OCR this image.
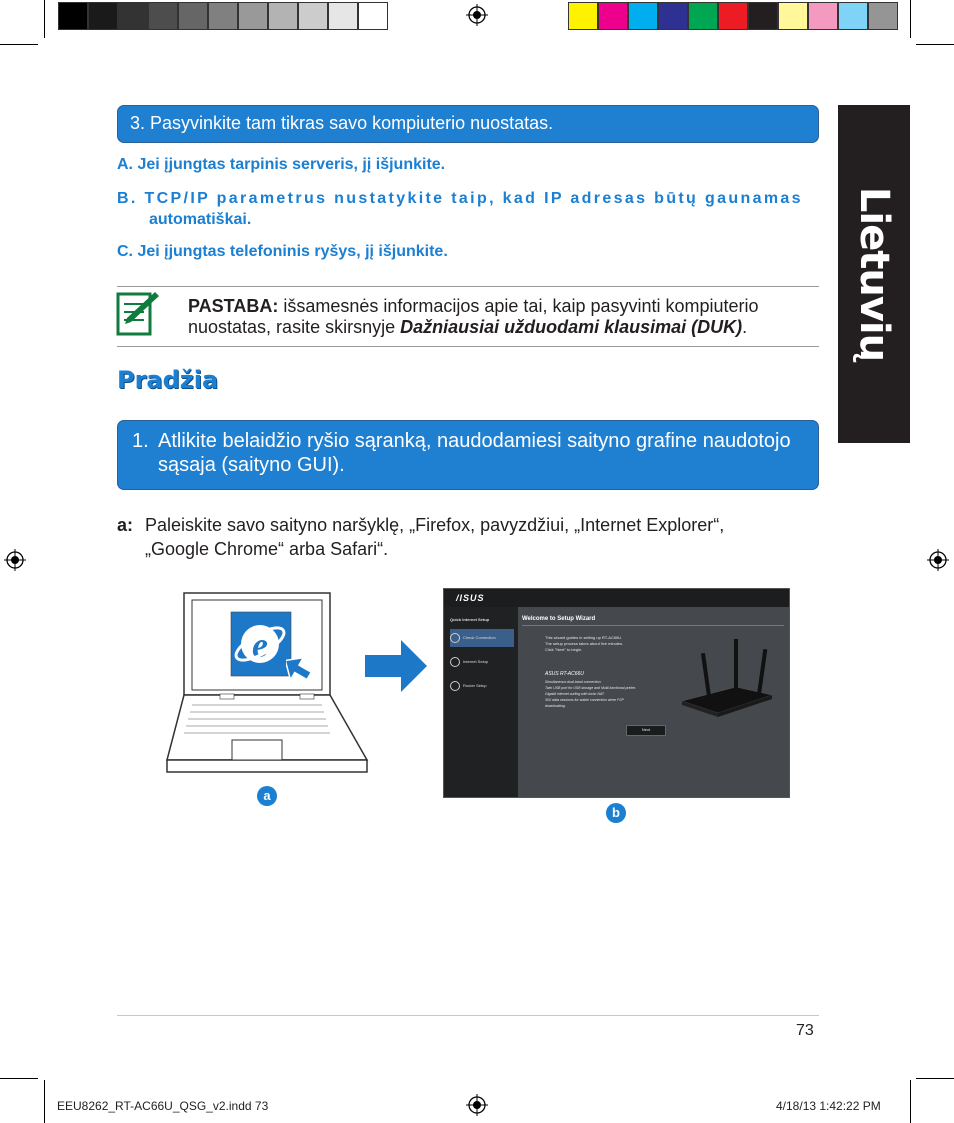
Lietuvių
3. Pasyvinkite tam tikras savo kompiuterio nuostatas.
A. Jei įjungtas tarpinis serveris, jį išjunkite.
B. TCP/IP parametrus nustatykite taip, kad IP adresas būtų gaunamas
automatiškai.
C. Jei įjungtas telefoninis ryšys, jį išjunkite.
PASTABA: išsamesnės informacijos apie tai, kaip pasyvinti kompiuterio nuostatas, rasite skirsnyje Dažniausiai užduodami klausimai (DUK).
Pradžia
1. Atlikite belaidžio ryšio sąranką, naudodamiesi saityno grafine naudotojo
sąsaja (saityno GUI).
a: Paleiskite savo saityno naršyklę, „Firefox, pavyzdžiui, „Internet Explorer“,
„Google Chrome“ arba Safari“.
e
a
/ISUS
Quick Internet Setup
Check Connection
Internet Setup
Router Setup
Welcome to Setup Wizard
This wizard guides in setting up RT-AC66U
The setup process takes about five minutes.
Click "Next" to begin.
ASUS RT-AC66U
Simultaneous dual-band connection
Twin USB port for USB storage and Multi-functional printer.
Gigabit internet surfing with turbo NAT.
30X data sessions for stable connection when P2P
downloading.
Next
b
73
EEU8262_RT-AC66U_QSG_v2.indd 73	4/18/13 1:42:22 PM
